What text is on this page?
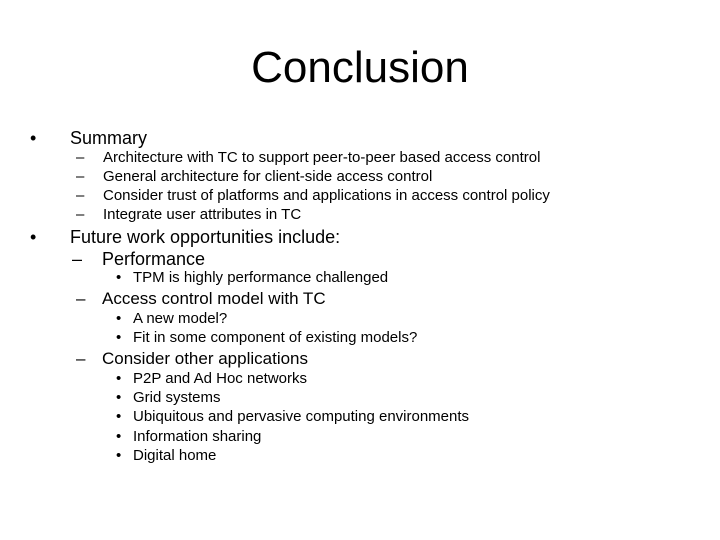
Conclusion
• Summary
– Architecture with TC to support peer-to-peer based access control
– General architecture for client-side access control
– Consider trust of platforms and applications in access control policy
– Integrate user attributes in TC
• Future work opportunities include:
– Performance
• TPM is highly performance challenged
– Access control model with TC
• A new model?
• Fit in some component of existing models?
– Consider other applications
• P2P and Ad Hoc networks
• Grid systems
• Ubiquitous and pervasive computing environments
• Information sharing
• Digital home
